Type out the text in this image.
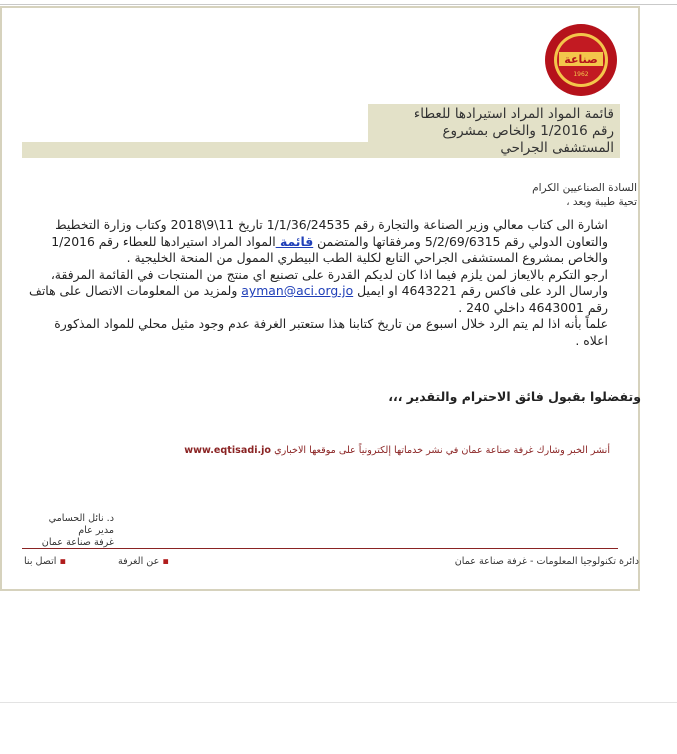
صناعة
1962
قائمة المواد المراد استيرادها للعطاء
رقم 1/2016 والخاص بمشروع
المستشفى الجراحي
السادة الصناعيين الكرام
تحية طيبة وبعد ،

اشارة الى كتاب معالي وزير الصناعة والتجارة رقم 1/1/36/24535 تاريخ 11\9\2018 وكتاب وزارة التخطيط والتعاون الدولي رقم 5/2/69/6315 ومرفقاتها والمتضمن قائمة المواد المراد استيرادها للعطاء رقم 1/2016 والخاص بمشروع المستشفى الجراحي التابع لكلية الطب البيطري الممول من المنحة الخليجية .

ارجو التكرم بالايعاز لمن يلزم فيما اذا كان لديكم القدرة على تصنيع اي منتج من المنتجات في القائمة المرفقة، وارسال الرد على فاكس رقم 4643221 او ايميل ayman@aci.org.jo ولمزيد من المعلومات الاتصال على هاتف رقم 4643001 داخلي 240 .

علماً بأنه اذا لم يتم الرد خلال اسبوع من تاريخ كتابنا هذا ستعتبر الغرفة عدم وجود مثيل محلي للمواد المذكورة اعلاه .

وتفضلوا بقبول فائق الاحترام والتقدير ،،،
أنشر الخبر وشارك غرفة صناعة عمان في نشر خدماتها إلكترونياً على موقعها الاخباري www.eqtisadi.jo
د. نائل الحسامي
مدير عام
غرفة صناعة عمان
▪ اتصل بنا	▪ عن الغرفة	دائرة تكنولوجيا المعلومات - غرفة صناعة عمان
